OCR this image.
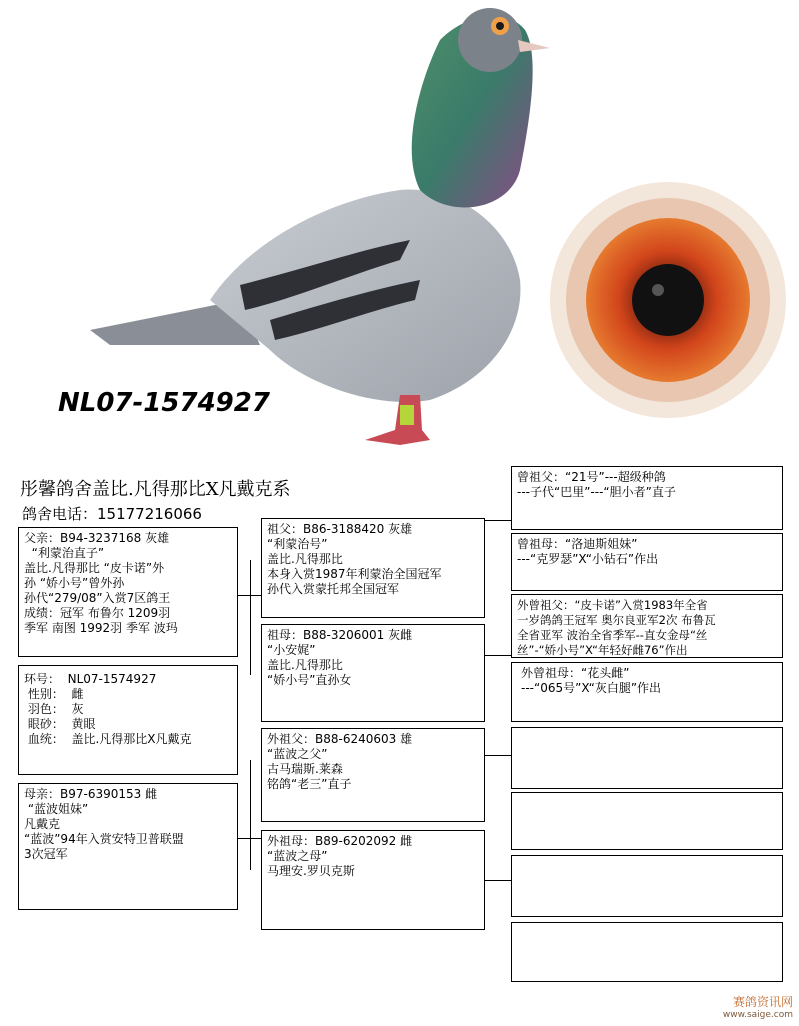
NL07-1574927
彤馨鸽舍盖比.凡得那比X凡戴克系
鸽舍电话：15177216066
父亲：B94-3237168 灰雄
“利蒙治直子”
盖比.凡得那比 “皮卡诺”外
孙 “娇小号”曾外孙
孙代“279/08”入赏7区鸽王
成绩：冠军 布鲁尔 1209羽
季军 南图 1992羽 季军 波玛
环号：  NL07-1574927
性别：  雌
羽色：  灰
眼砂：  黄眼
血统：  盖比.凡得那比X凡戴克
母亲：B97-6390153 雌
“蓝波姐妹”
凡戴克
“蓝波”94年入赏安特卫普联盟
3次冠军
祖父：B86-3188420 灰雄
“利蒙治号”
盖比.凡得那比
本身入赏1987年利蒙治全国冠军
孙代入赏蒙托邦全国冠军
祖母：B88-3206001 灰雌
“小安娓”
盖比.凡得那比
“娇小号”直孙女
外祖父：B88-6240603 雄
“蓝波之父”
古马瑞斯.莱森
铭鸽“老三”直子
外祖母：B89-6202092 雌
“蓝波之母”
马理安.罗贝克斯
曾祖父：“21号”---超级种鸽
---子代“巴里”---“胆小者”直子
曾祖母：“洛迪斯姐妹”
---“克罗瑟”X“小钻石”作出
外曾祖父：“皮卡诺”入赏1983年全省
一岁鸽鸽王冠军 奥尔良亚军2次 布鲁瓦
全省亚军 波治全省季军--直女金母“丝
丝”-“娇小号”X“年轻好雌76”作出
外曾祖母：“花头雌”
---“065号”X“灰白腿”作出
赛鸽资讯网
www.saige.com
